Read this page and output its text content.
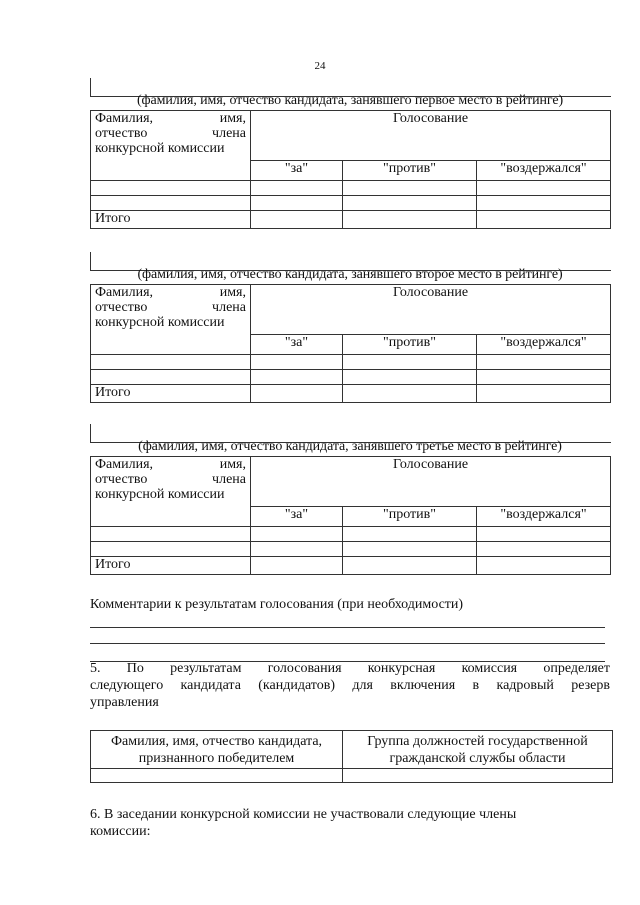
24
(фамилия, имя, отчество кандидата, занявшего первое место в рейтинге)
Фамилия, имя,
отчество члена
конкурсной комиссии	Голосование		
	"за"	"против"	"воздержался"

Итого			
(фамилия, имя, отчество кандидата, занявшего второе место в рейтинге)
Фамилия, имя,
отчество члена
конкурсной комиссии	Голосование		
	"за"	"против"	"воздержался"

Итого			
(фамилия, имя, отчество кандидата, занявшего третье место в рейтинге)
Фамилия, имя,
отчество члена
конкурсной комиссии	Голосование		
	"за"	"против"	"воздержался"

Итого			
Комментарии к результатам голосования (при необходимости)
5. По результатам голосования конкурсная комиссия определяет
следующего кандидата (кандидатов) для включения в кадровый резерв
управления
Фамилия, имя, отчество кандидата, признанного победителем	Группа должностей государственной гражданской службы области

6. В заседании конкурсной комиссии не участвовали следующие члены
комиссии:
